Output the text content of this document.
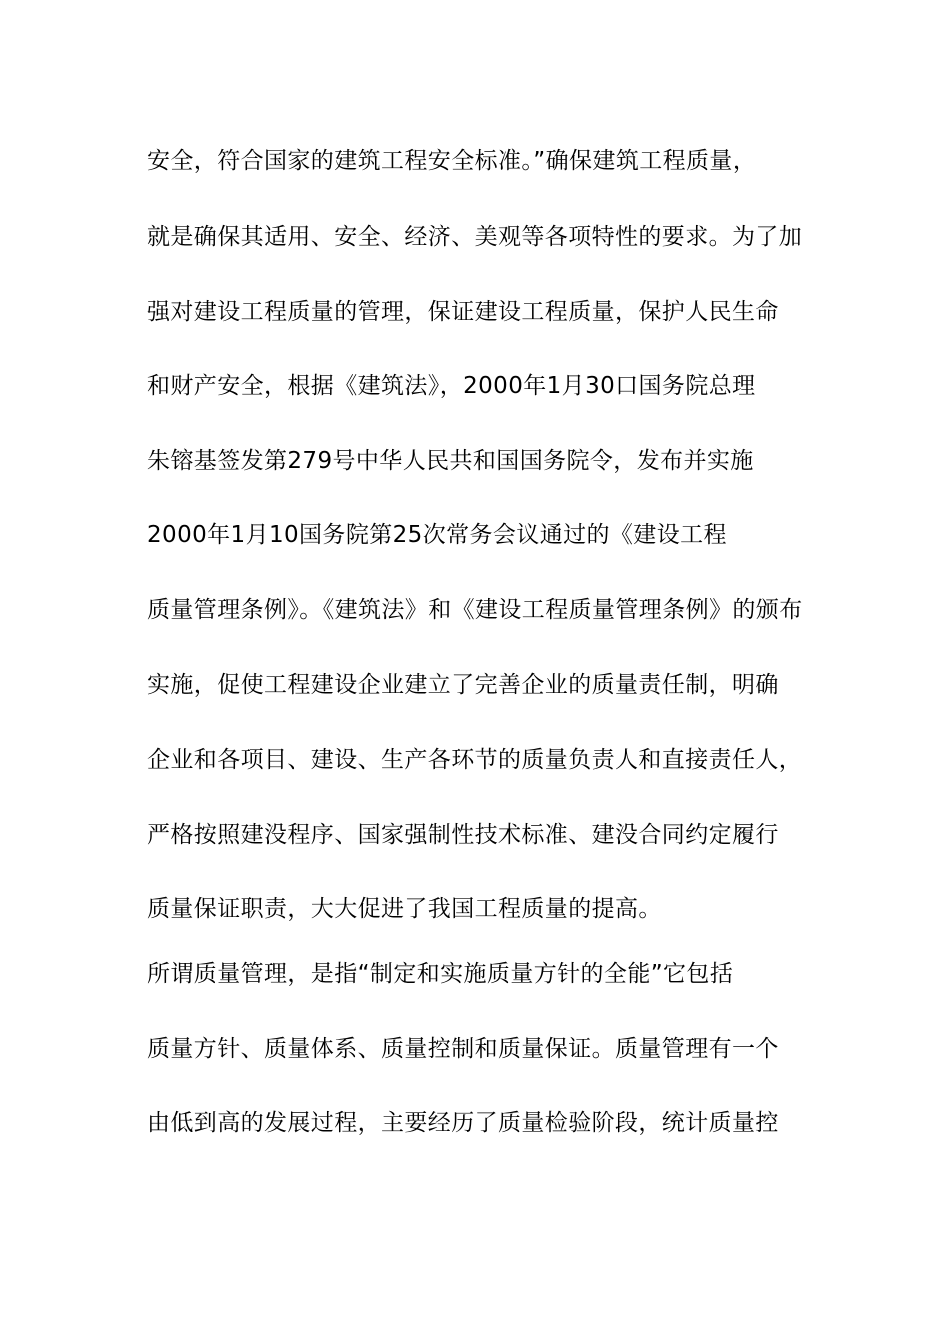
安全，符合国家的建筑工程安全标准。”确保建筑工程质量，
就是确保其适用、安全、经济、美观等各项特性的要求。为了加
强对建设工程质量的管理，保证建设工程质量，保护人民生命
和财产安全，根据《建筑法》，2000年1月30口国务院总理
朱镕基签发第279号中华人民共和国国务院令，发布并实施
2000年1月10国务院第25次常务会议通过的《建设工程
质量管理条例》。《建筑法》和《建设工程质量管理条例》的颁布
实施，促使工程建设企业建立了完善企业的质量责任制，明确
企业和各项目、建设、生产各环节的质量负责人和直接责任人，
严格按照建没程序、国家强制性技术标准、建没合同约定履行
质量保证职责，大大促进了我国工程质量的提高。
所谓质量管理，是指“制定和实施质量方针的全能”它包括
质量方针、质量体系、质量控制和质量保证。质量管理有一个
由低到高的发展过程，主要经历了质量检验阶段，统计质量控
